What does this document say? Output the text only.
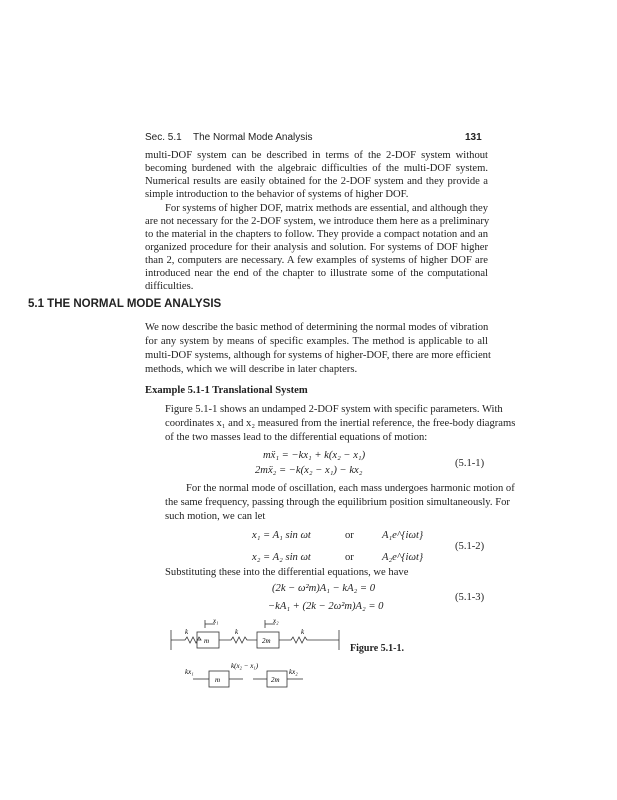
Sec. 5.1 The Normal Mode Analysis	131
multi-DOF system can be described in terms of the 2-DOF system without
becoming burdened with the algebraic difficulties of the multi-DOF system.
Numerical results are easily obtained for the 2-DOF system and they provide a
simple introduction to the behavior of systems of higher DOF.
For systems of higher DOF, matrix methods are essential, and although they
are not necessary for the 2-DOF system, we introduce them here as a preliminary
to the material in the chapters to follow. They provide a compact notation and an
organized procedure for their analysis and solution. For systems of DOF higher
than 2, computers are necessary. A few examples of systems of higher DOF are
introduced near the end of the chapter to illustrate some of the computational
difficulties.
5.1 THE NORMAL MODE ANALYSIS
We now describe the basic method of determining the normal modes of vibration
for any system by means of specific examples. The method is applicable to all
multi-DOF systems, although for systems of higher-DOF, there are more efficient
methods, which we will describe in later chapters.
Example 5.1-1 Translational System
Figure 5.1-1 shows an undamped 2-DOF system with specific parameters. With
coordinates x₁ and x₂ measured from the inertial reference, the free-body diagrams
of the two masses lead to the differential equations of motion:
mẍ₁ = −kx₁ + k(x₂ − x₁)
2mẍ₂ = −k(x₂ − x₁) − kx₂
(5.1-1)
For the normal mode of oscillation, each mass undergoes harmonic motion of
the same frequency, passing through the equilibrium position simultaneously. For
such motion, we can let
x₁ = A₁ sin ωt	or	A₁e^{iωt}
x₂ = A₂ sin ωt	or	A₂e^{iωt}
(5.1-2)
Substituting these into the differential equations, we have
(2k − ω²m)A₁ − kA₂ = 0
−kA₁ + (2k − 2ω²m)A₂ = 0
(5.1-3)
m	2m
k	k	k
x₁	x₂
m	2m
kx₁
k(x₂ − x₁)
kx₂
Figure 5.1-1.
